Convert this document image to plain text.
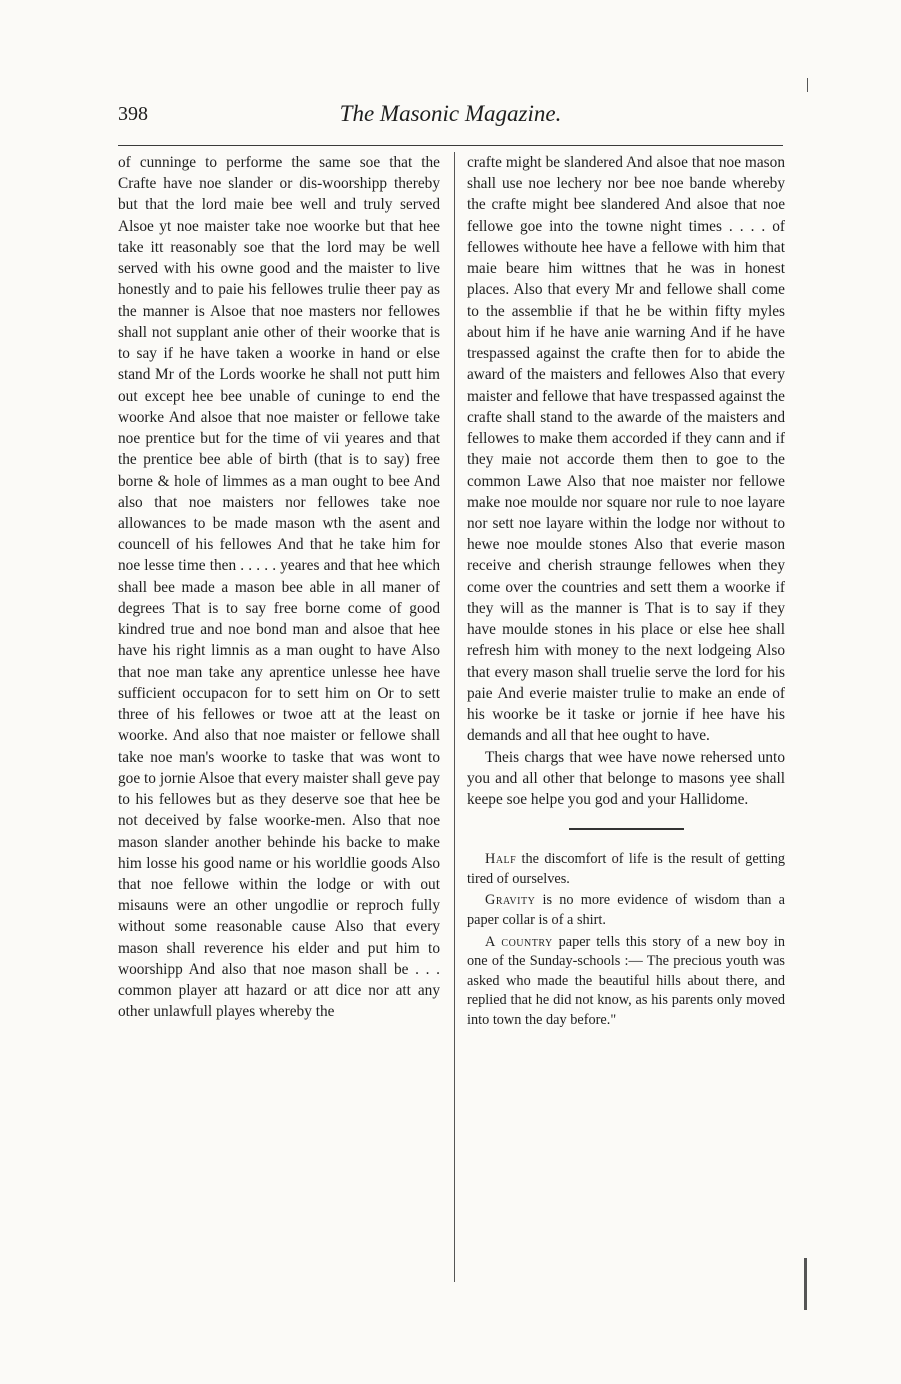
398	The Masonic Magazine.

of cunninge to performe the same soe that the Crafte have noe slander or dis-woorshipp thereby but that the lord maie bee well and truly served Alsoe yt noe maister take noe woorke but that hee take itt reasonably soe that the lord may be well served with his owne good and the maister to live honestly and to paie his fellowes trulie theer pay as the manner is Alsoe that noe masters nor fellowes shall not supplant anie other of their woorke that is to say if he have taken a woorke in hand or else stand Mr of the Lords woorke he shall not putt him out except hee bee unable of cuninge to end the woorke And alsoe that noe maister or fellowe take noe prentice but for the time of vii yeares and that the prentice bee able of birth (that is to say) free borne & hole of limmes as a man ought to bee And also that noe maisters nor fellowes take noe allowances to be made mason wth the asent and councell of his fellowes And that he take him for noe lesse time then . . . . . yeares and that hee which shall bee made a mason bee able in all maner of degrees That is to say free borne come of good kindred true and noe bond man and alsoe that hee have his right limnis as a man ought to have Also that noe man take any aprentice unlesse hee have sufficient occupacon for to sett him on Or to sett three of his fellowes or twoe att at the least on woorke. And also that noe maister or fellowe shall take noe man's woorke to taske that was wont to goe to jornie Alsoe that every maister shall geve pay to his fellowes but as they deserve soe that hee be not deceived by false woorke-men. Also that noe mason slander another behinde his backe to make him losse his good name or his worldlie goods Also that noe fellowe within the lodge or with out misauns were an other ungodlie or reproch fully without some reasonable cause Also that every mason shall reverence his elder and put him to woorshipp And also that noe mason shall be . . . common player att hazard or att dice nor att any other unlawfull playes whereby the

crafte might be slandered And alsoe that noe mason shall use noe lechery nor bee noe bande whereby the crafte might bee slandered And alsoe that noe fellowe goe into the towne night times . . . . of fellowes withoute hee have a fellowe with him that maie beare him wittnes that he was in honest places. Also that every Mr and fellowe shall come to the assemblie if that he be within fifty myles about him if he have anie warning And if he have trespassed against the crafte then for to abide the award of the maisters and fellowes Also that every maister and fellowe that have trespassed against the crafte shall stand to the awarde of the maisters and fellowes to make them accorded if they cann and if they maie not accorde them then to goe to the common Lawe Also that noe maister nor fellowe make noe moulde nor square nor rule to noe layare nor sett noe layare within the lodge nor without to hewe noe moulde stones Also that everie mason receive and cherish straunge fellowes when they come over the countries and sett them a woorke if they will as the manner is That is to say if they have moulde stones in his place or else hee shall refresh him with money to the next lodgeing Also that every mason shall truelie serve the lord for his paie And everie maister trulie to make an ende of his woorke be it taske or jornie if hee have his demands and all that hee ought to have.

Theis chargs that wee have nowe rehersed unto you and all other that belonge to masons yee shall keepe soe helpe you god and your Hallidome.

Half the discomfort of life is the result of getting tired of ourselves.

Gravity is no more evidence of wisdom than a paper collar is of a shirt.

A country paper tells this story of a new boy in one of the Sunday-schools :— The precious youth was asked who made the beautiful hills about there, and replied that he did not know, as his parents only moved into town the day before."
